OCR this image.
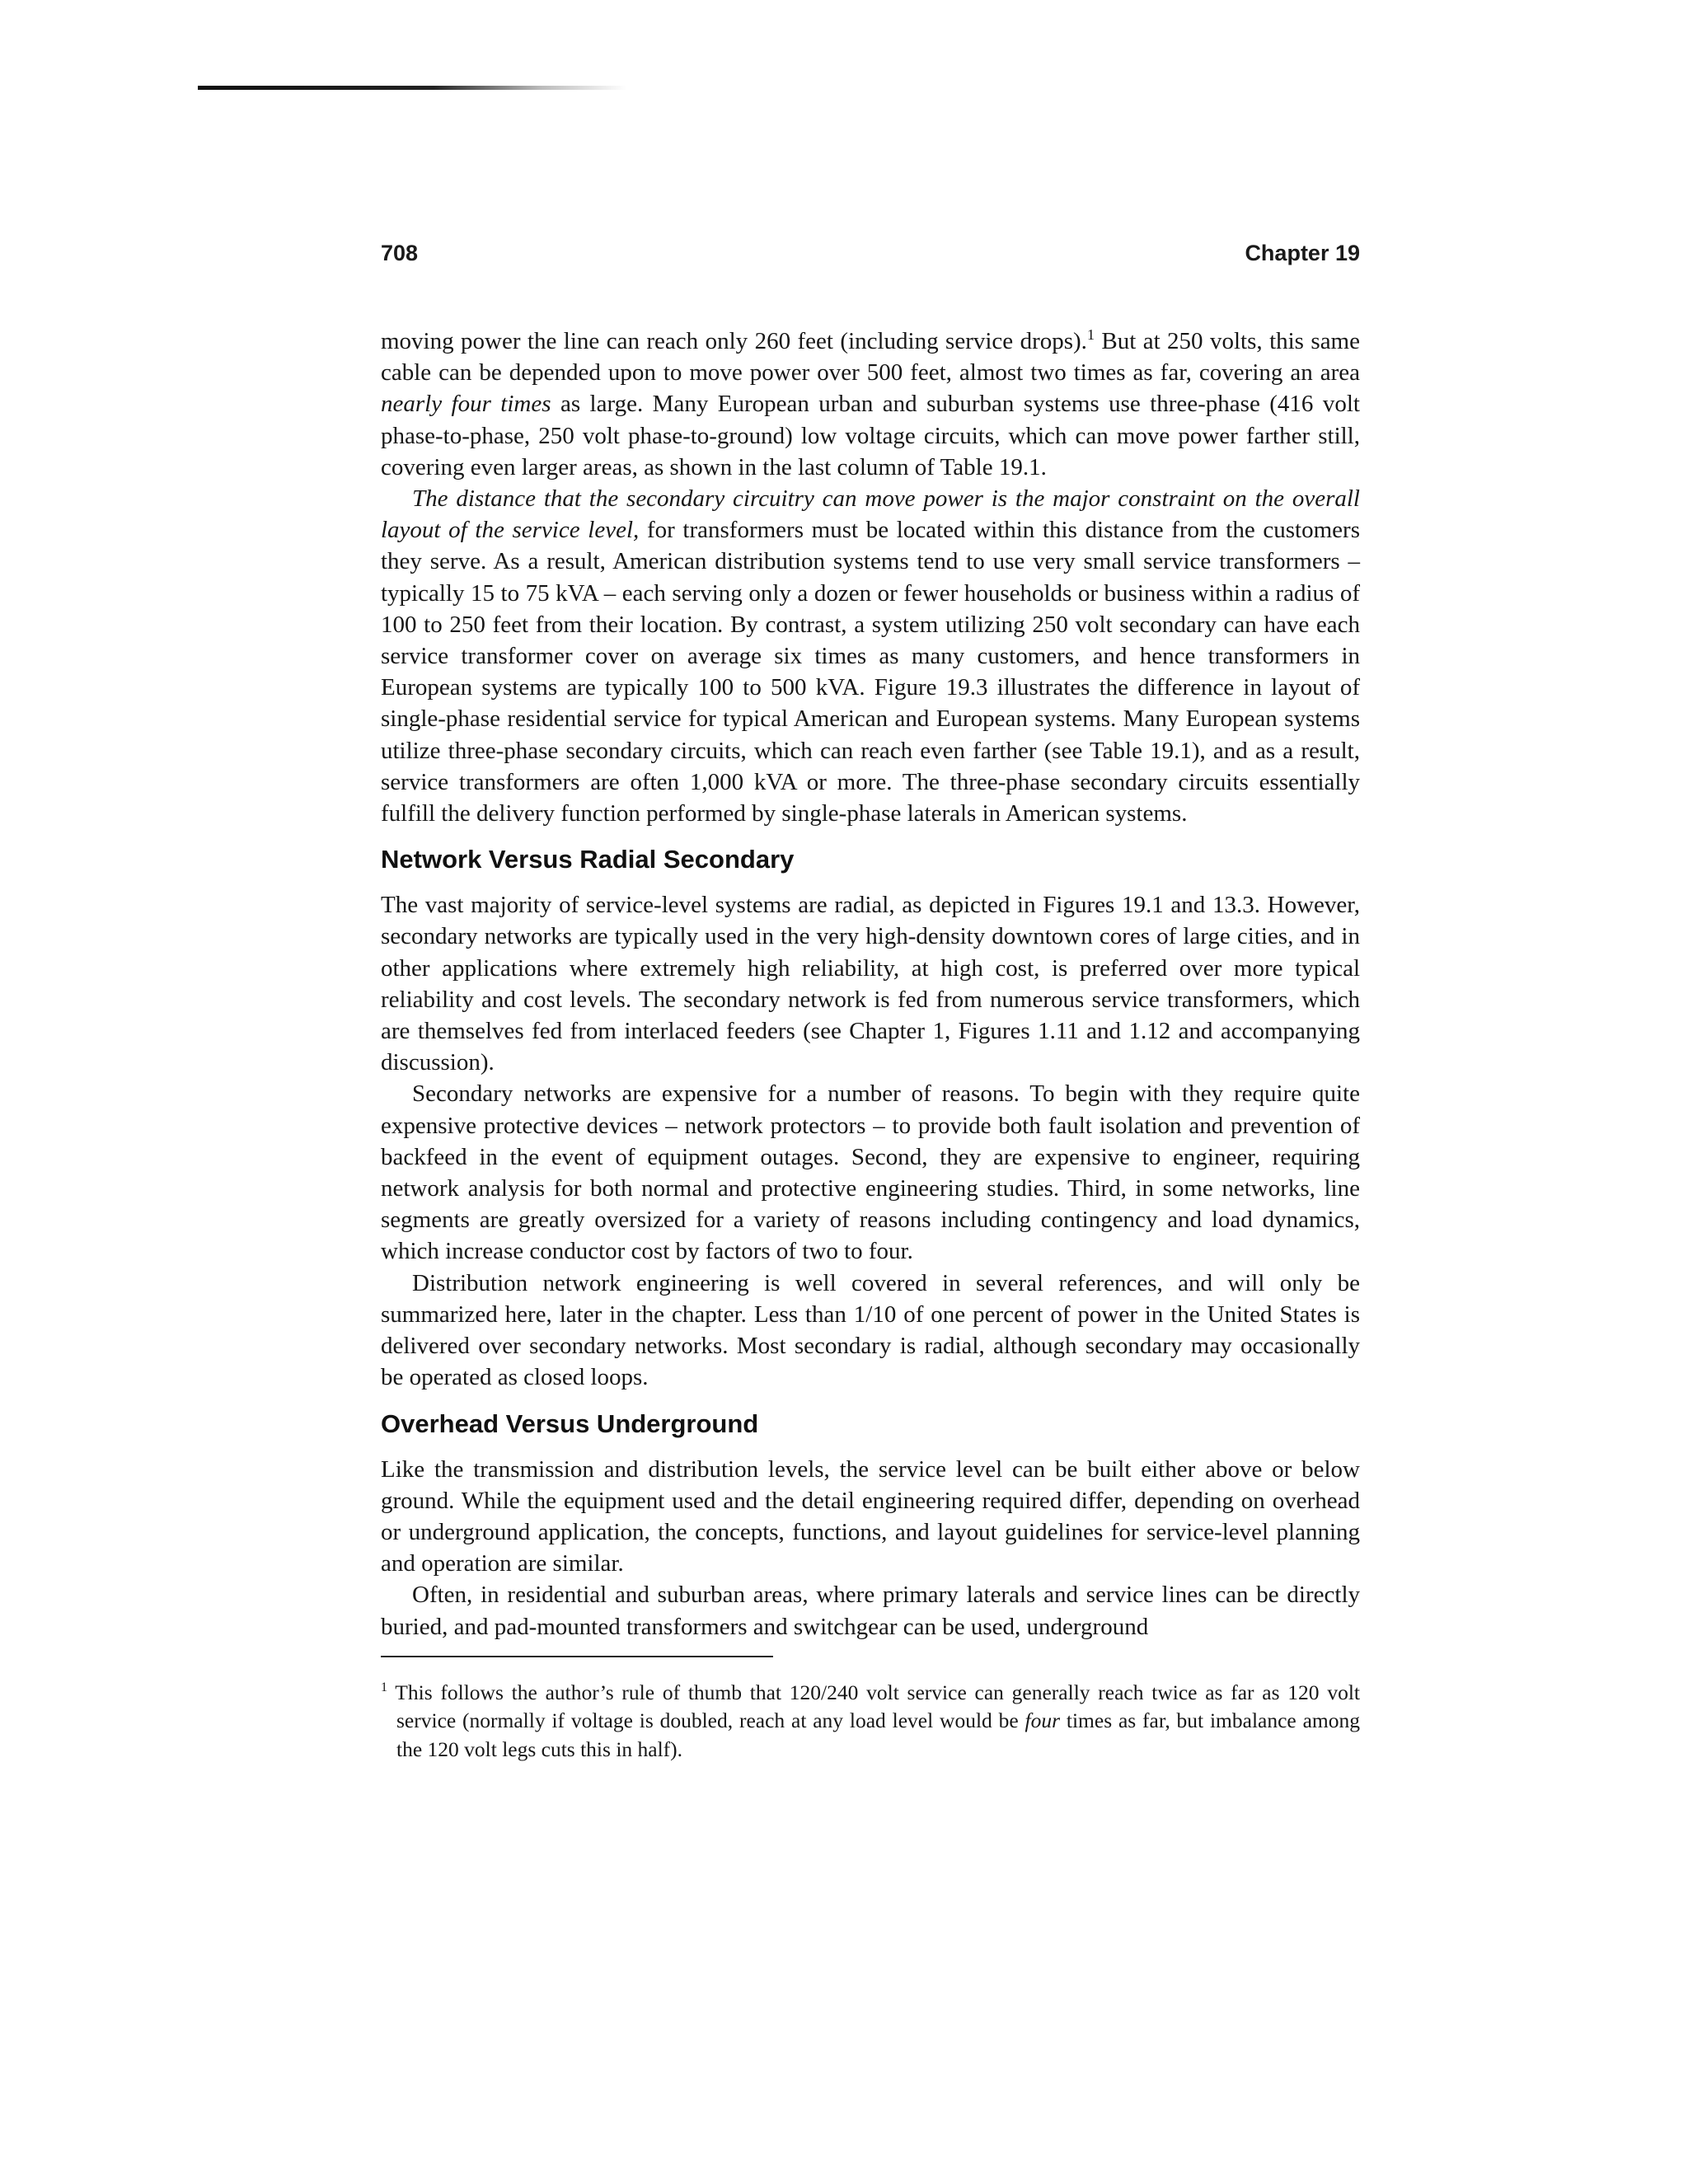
708	Chapter 19

moving power the line can reach only 260 feet (including service drops).$^1$ But at 250 volts, this same cable can be depended upon to move power over 500 feet, almost two times as far, covering an area nearly four times as large. Many European urban and suburban systems use three-phase (416 volt phase-to-phase, 250 volt phase-to-ground) low voltage circuits, which can move power farther still, covering even larger areas, as shown in the last column of Table 19.1.

The distance that the secondary circuitry can move power is the major constraint on the overall layout of the service level, for transformers must be located within this distance from the customers they serve. As a result, American distribution systems tend to use very small service transformers – typically 15 to 75 kVA – each serving only a dozen or fewer households or business within a radius of 100 to 250 feet from their location. By contrast, a system utilizing 250 volt secondary can have each service transformer cover on average six times as many customers, and hence transformers in European systems are typically 100 to 500 kVA. Figure 19.3 illustrates the difference in layout of single-phase residential service for typical American and European systems. Many European systems utilize three-phase secondary circuits, which can reach even farther (see Table 19.1), and as a result, service transformers are often 1,000 kVA or more. The three-phase secondary circuits essentially fulfill the delivery function performed by single-phase laterals in American systems.

Network Versus Radial Secondary

The vast majority of service-level systems are radial, as depicted in Figures 19.1 and 13.3. However, secondary networks are typically used in the very high-density downtown cores of large cities, and in other applications where extremely high reliability, at high cost, is preferred over more typical reliability and cost levels. The secondary network is fed from numerous service transformers, which are themselves fed from interlaced feeders (see Chapter 1, Figures 1.11 and 1.12 and accompanying discussion).

Secondary networks are expensive for a number of reasons. To begin with they require quite expensive protective devices – network protectors – to provide both fault isolation and prevention of backfeed in the event of equipment outages. Second, they are expensive to engineer, requiring network analysis for both normal and protective engineering studies. Third, in some networks, line segments are greatly oversized for a variety of reasons including contingency and load dynamics, which increase conductor cost by factors of two to four.

Distribution network engineering is well covered in several references, and will only be summarized here, later in the chapter. Less than 1/10 of one percent of power in the United States is delivered over secondary networks. Most secondary is radial, although secondary may occasionally be operated as closed loops.

Overhead Versus Underground

Like the transmission and distribution levels, the service level can be built either above or below ground. While the equipment used and the detail engineering required differ, depending on overhead or underground application, the concepts, functions, and layout guidelines for service-level planning and operation are similar.

Often, in residential and suburban areas, where primary laterals and service lines can be directly buried, and pad-mounted transformers and switchgear can be used, underground

$^1$ This follows the author’s rule of thumb that 120/240 volt service can generally reach twice as far as 120 volt service (normally if voltage is doubled, reach at any load level would be four times as far, but imbalance among the 120 volt legs cuts this in half).
